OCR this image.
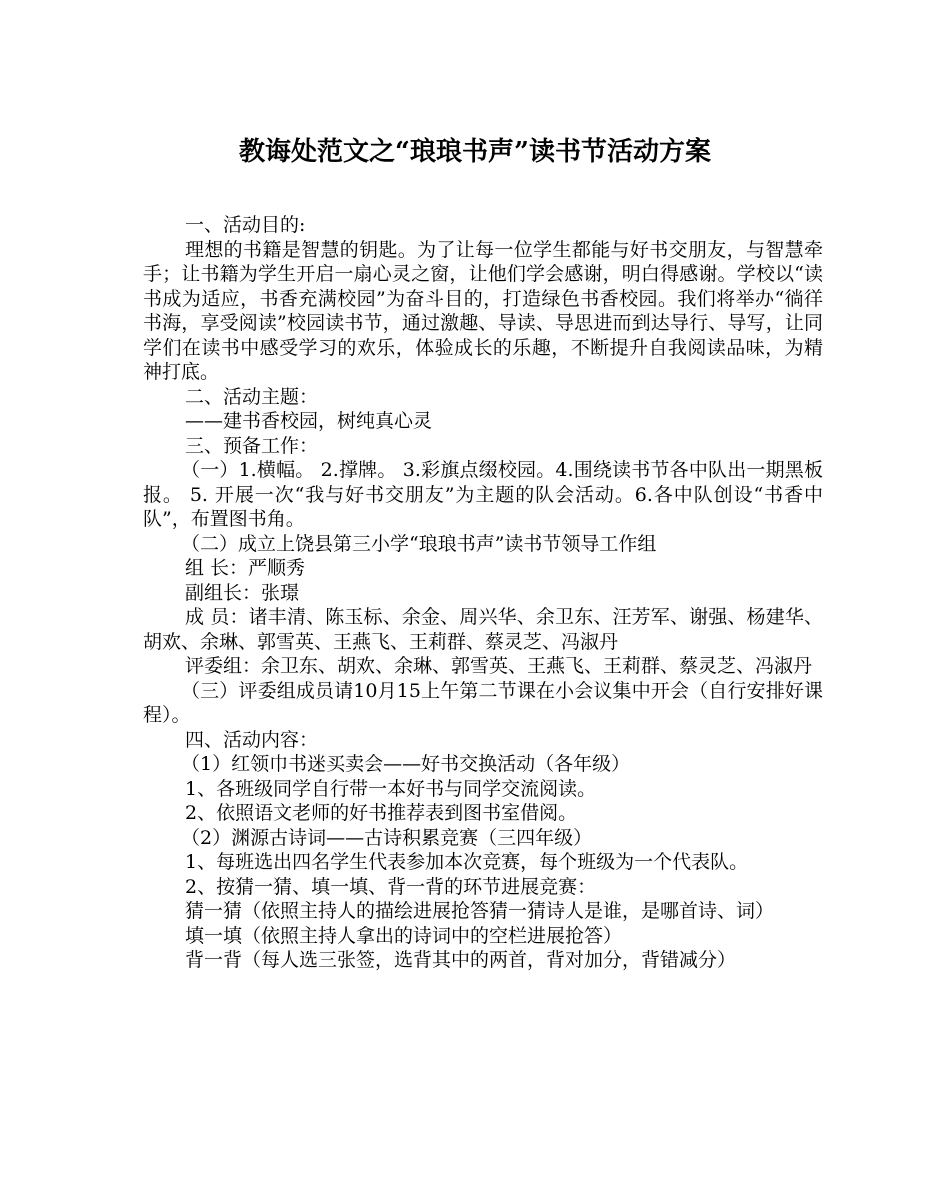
教诲处范文之“琅琅书声”读书节活动方案

一、活动目的:

理想的书籍是智慧的钥匙。为了让每一位学生都能与好书交朋友，与智慧牵手；让书籍为学生开启一扇心灵之窗，让他们学会感谢，明白得感谢。学校以“读书成为适应，书香充满校园”为奋斗目的，打造绿色书香校园。我们将举办“徜徉书海，享受阅读”校园读书节，通过激趣、导读、导思进而到达导行、导写，让同学们在读书中感受学习的欢乐，体验成长的乐趣，不断提升自我阅读品味，为精神打底。

二、活动主题：

——建书香校园，树纯真心灵

三、预备工作：

（一）1.横幅。 2.撑牌。 3.彩旗点缀校园。4.围绕读书节各中队出一期黑板报。 5. 开展一次“我与好书交朋友”为主题的队会活动。6.各中队创设“书香中队”，布置图书角。

（二）成立上饶县第三小学“琅琅书声”读书节领导工作组

组 长：严顺秀

副组长：张璟

成 员：诸丰清、陈玉标、余金、周兴华、余卫东、汪芳军、谢强、杨建华、胡欢、余琳、郭雪英、王燕飞、王莉群、蔡灵芝、冯淑丹

评委组：余卫东、胡欢、余琳、郭雪英、王燕飞、王莉群、蔡灵芝、冯淑丹

（三）评委组成员请10月15上午第二节课在小会议集中开会（自行安排好课程）。

四、活动内容：

（1）红领巾书迷买卖会——好书交换活动（各年级）

1、各班级同学自行带一本好书与同学交流阅读。

2、依照语文老师的好书推荐表到图书室借阅。

（2）渊源古诗词——古诗积累竞赛（三四年级）

1、每班选出四名学生代表参加本次竞赛，每个班级为一个代表队。

2、按猜一猜、填一填、背一背的环节进展竞赛：

猜一猜（依照主持人的描绘进展抢答猜一猜诗人是谁，是哪首诗、词）

填一填（依照主持人拿出的诗词中的空栏进展抢答）

背一背（每人选三张签，选背其中的两首，背对加分，背错减分）
